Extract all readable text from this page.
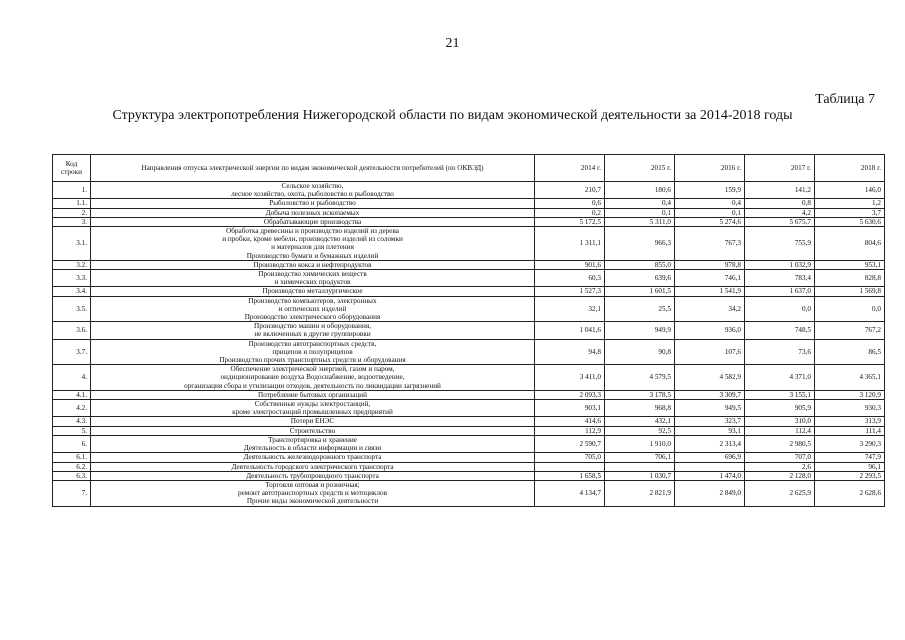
21
Таблица 7
Структура электропотребления Нижегородской области по видам экономической деятельности за 2014-2018 годы
Код строки	Направления отпуска электрической энергии по видам экономической деятельности потребителей (по ОКВЭД)	2014 г.	2015 г.	2016 г.	2017 г.	2018 г.
1.	Сельское хозяйство,
лесное хозяйство, охота, рыболовство и рыбоводство	210,7	180,6	159,9	141,2	146,0
1.1.	Рыболовство и рыбоводство	0,6	0,4	0,4	0,8	1,2
2.	Добыча полезных ископаемых	0,2	0,1	0,1	4,2	3,7
3.	Обрабатывающие производства	5 172,5	5 311,0	5 274,6	5 675,7	5 630,6
3.1.	Обработка древесины и производство изделий из дерева
и пробки, кроме мебели, производство изделий из соломки
и материалов для плетения
Производство бумаги и бумажных изделий	1 311,1	966,3	767,3	755,9	804,6
3.2.	Производство кокса и нефтепродуктов	901,6	855,0	978,8	1 032,9	953,1
3.3.	Производство химических веществ
и химических продуктов	60,3	639,6	746,1	783,4	828,8
3.4.	Производство металлургическое	1 527,3	1 601,5	1 541,9	1 637,0	1 569,8
3.5.	Производство компьютеров, электронных
и оптических изделий
Производство электрического оборудования	32,1	25,5	34,2	0,0	0,0
3.6.	Производство машин и оборудования,
не включенных в другие группировки	1 041,6	949,9	936,0	748,5	767,2
3.7.	Производство автотранспортных средств,
прицепов и полуприцепов
Производство прочих транспортных средств и оборудования	94,8	90,8	107,6	73,6	86,5
4.	Обеспечение электрической энергией, газом и паром,
ондиционирование воздуха Водоснабжение, водоотведение,
организация сбора и утилизации отходов, деятельность по ликвидации загрязнений	3 411,0	4 579,5	4 582,9	4 371,0	4 365,1
4.1.	Потребление бытовых организаций	2 093,3	3 178,5	3 309,7	3 155,1	3 120,9
4.2.	Собственные нужды электростанций,
кроме электростанций промышленных предприятий	903,1	968,8	949,5	905,9	930,3
4.3.	Потери ЕНЭС	414,6	432,1	323,7	310,0	313,9
5.	Строительство	112,9	92,5	93,1	112,4	111,4
6.	Транспортировка и хранение
Деятельность в области информации и связи	2 590,7	1 910,0	2 313,4	2 980,5	3 290,3
6.1.	Деятельность железнодорожного транспорта	705,0	706,1	696,9	707,0	747,9
6.2.	Деятельность городского электрического транспорта				2,6	96,1
6.3.	Деятельность трубопроводного транспорта	1 658,5	1 030,7	1 474,0	2 128,0	2 293,5
7.	Торговля оптовая и розничная;
ремонт автотранспортных средств и мотоциклов
Прочие виды экономической деятельности	4 134,7	2 821,9	2 849,0	2 625,9	2 628,6
